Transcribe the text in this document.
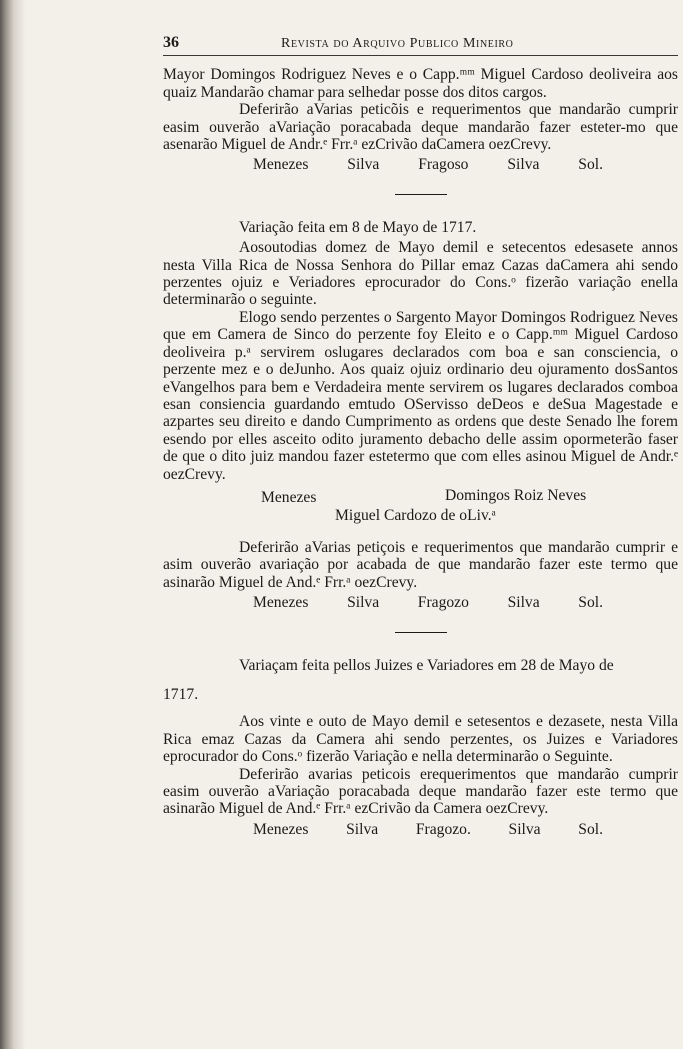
36	Revista do Arquivo Publico Mineiro

Mayor Domingos Rodriguez Neves e o Capp.ᵐᵐ Miguel Cardoso deoliveira aos quaiz Mandarão chamar para selhedar posse dos ditos cargos.

Deferirão aVarias peticõis e requerimentos que mandarão cumprir easim ouverão aVariação poracabada deque mandarão fazer esteter-mo que asenarão Miguel de Andr.ᵉ Frr.ᵃ ezCrivão daCamera oezCrevy.

Menezes Silva Fragoso Silva Sol.

Variação feita em 8 de Mayo de 1717.

Aosoutodias domez de Mayo demil e setecentos edesasete annos nesta Villa Rica de Nossa Senhora do Pillar emaz Cazas daCamera ahi sendo perzentes ojuiz e Veriadores eprocurador do Cons.ᵒ fizerão variação enella determinarão o seguinte.

Elogo sendo perzentes o Sargento Mayor Domingos Rodriguez Neves que em Camera de Sinco do perzente foy Eleito e o Capp.ᵐᵐ Miguel Cardoso deoliveira p.ᵃ servirem oslugares declarados com boa e san consciencia, o perzente mez e o deJunho. Aos quaiz ojuiz ordinario deu ojuramento dosSantos eVangelhos para bem e Verdadeira mente servirem os lugares declarados comboa esan consiencia guardando emtudo OServisso deDeos e deSua Magestade e azpartes seu direito e dando Cumprimento as ordens que deste Senado lhe forem esendo por elles asceito odito juramento debacho delle assim opormeterão faser de que o dito juiz mandou fazer estetermo que com elles asinou Miguel de Andr.ᵉ oezCrevy.

Menezes	Domingos Roiz Neves
Miguel Cardozo de oLiv.ᵃ

Deferirão aVarias petiçois e requerimentos que mandarão cumprir e asim ouverão avariação por acabada de que mandarão fazer este termo que asinarão Miguel de And.ᵉ Frr.ᵃ oezCrevy.

Menezes Silva Fragozo Silva Sol.

Variaçam feita pellos Juizes e Variadores em 28 de Mayo de

1717.

Aos vinte e outo de Mayo demil e setesentos e dezasete, nesta Villa Rica emaz Cazas da Camera ahi sendo perzentes, os Juizes e Variadores eprocurador do Cons.ᵒ fizerão Variação e nella determinarão o Seguinte.

Deferirão avarias peticois erequerimentos que mandarão cumprir easim ouverão aVariação poracabada deque mandarão fazer este termo que asinarão Miguel de And.ᵉ Frr.ᵃ ezCrivão da Camera oezCrevy.

Menezes Silva Fragozo. Silva Sol.
